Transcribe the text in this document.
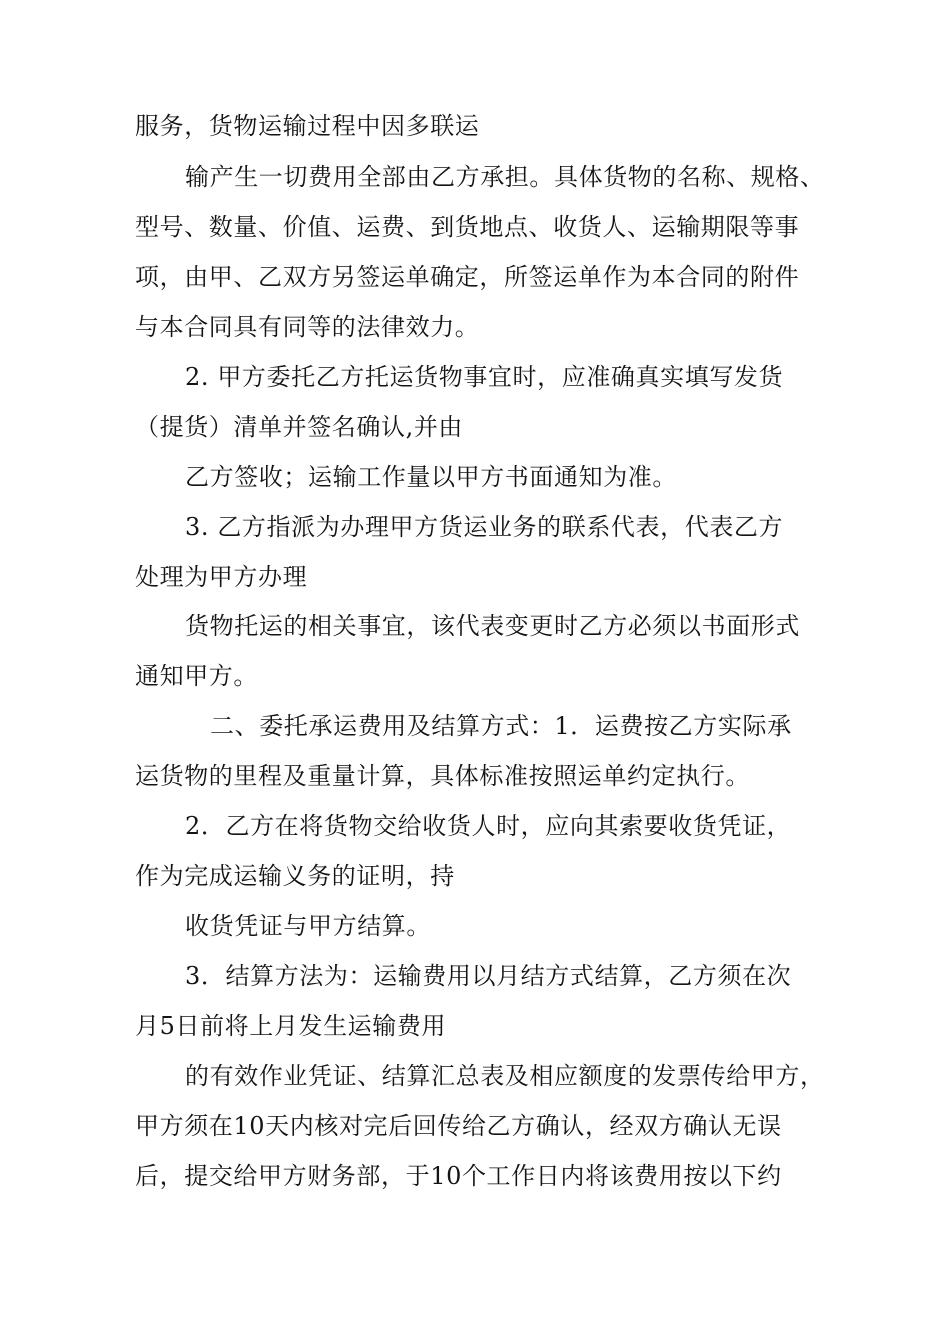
服务，货物运输过程中因多联运
输产生一切费用全部由乙方承担。具体货物的名称、规格、
型号、数量、价值、运费、到货地点、收货人、运输期限等事
项，由甲、乙双方另签运单确定，所签运单作为本合同的附件
与本合同具有同等的法律效力。
2. 甲方委托乙方托运货物事宜时，应准确真实填写发货
（提货）清单并签名确认,并由
乙方签收；运输工作量以甲方书面通知为准。
3. 乙方指派为办理甲方货运业务的联系代表，代表乙方
处理为甲方办理
货物托运的相关事宜，该代表变更时乙方必须以书面形式
通知甲方。
二、委托承运费用及结算方式：1．运费按乙方实际承
运货物的里程及重量计算，具体标准按照运单约定执行。
2．乙方在将货物交给收货人时，应向其索要收货凭证，
作为完成运输义务的证明，持
收货凭证与甲方结算。
3．结算方法为：运输费用以月结方式结算，乙方须在次
月5日前将上月发生运输费用
的有效作业凭证、结算汇总表及相应额度的发票传给甲方，
甲方须在10天内核对完后回传给乙方确认，经双方确认无误
后，提交给甲方财务部，于10个工作日内将该费用按以下约
